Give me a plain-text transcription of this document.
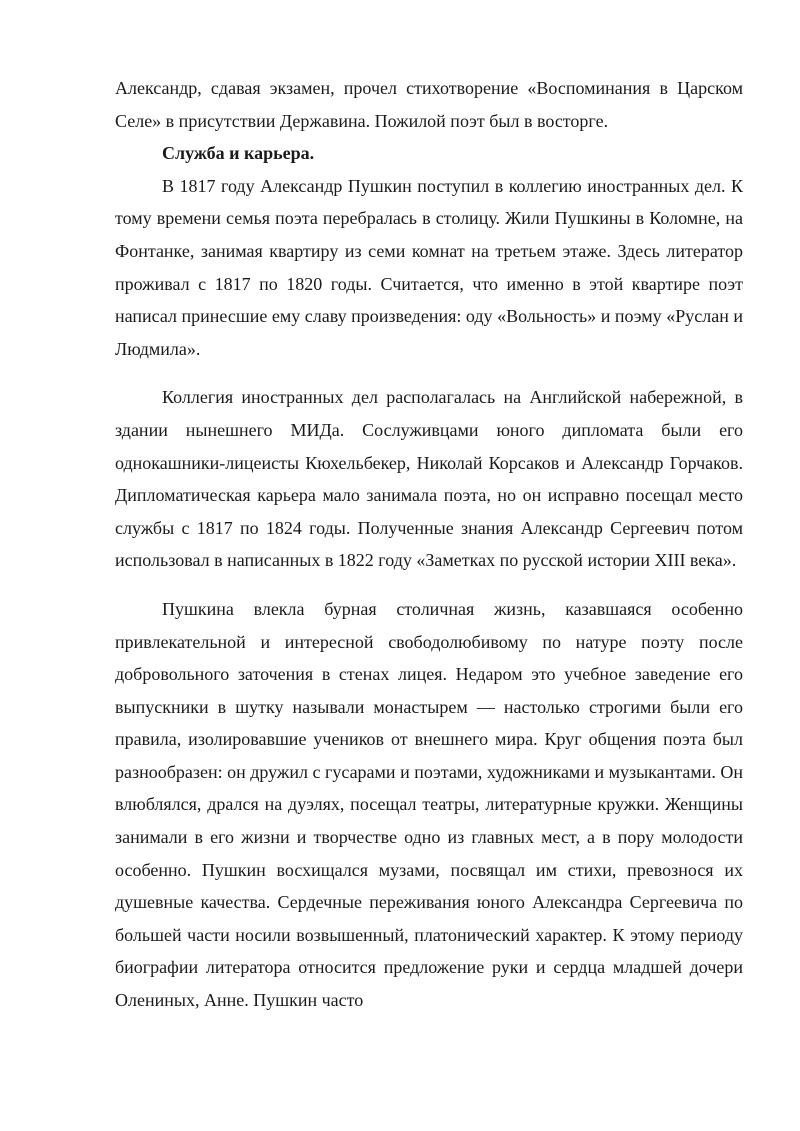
Александр, сдавая экзамен, прочел стихотворение «Воспоминания в Царском Селе» в присутствии Державина. Пожилой поэт был в восторге.

Служба и карьера.

В 1817 году Александр Пушкин поступил в коллегию иностранных дел. К тому времени семья поэта перебралась в столицу. Жили Пушкины в Коломне, на Фонтанке, занимая квартиру из семи комнат на третьем этаже. Здесь литератор проживал с 1817 по 1820 годы. Считается, что именно в этой квартире поэт написал принесшие ему славу произведения: оду «Вольность» и поэму «Руслан и Людмила».

Коллегия иностранных дел располагалась на Английской набережной, в здании нынешнего МИДа. Сослуживцами юного дипломата были его однокашники-лицеисты Кюхельбекер, Николай Корсаков и Александр Горчаков. Дипломатическая карьера мало занимала поэта, но он исправно посещал место службы с 1817 по 1824 годы. Полученные знания Александр Сергеевич потом использовал в написанных в 1822 году «Заметках по русской истории XIII века».

Пушкина влекла бурная столичная жизнь, казавшаяся особенно привлекательной и интересной свободолюбивому по натуре поэту после добровольного заточения в стенах лицея. Недаром это учебное заведение его выпускники в шутку называли монастырем — настолько строгими были его правила, изолировавшие учеников от внешнего мира. Круг общения поэта был разнообразен: он дружил с гусарами и поэтами, художниками и музыкантами. Он влюблялся, дрался на дуэлях, посещал театры, литературные кружки. Женщины занимали в его жизни и творчестве одно из главных мест, а в пору молодости особенно. Пушкин восхищался музами, посвящал им стихи, превознося их душевные качества. Сердечные переживания юного Александра Сергеевича по большей части носили возвышенный, платонический характер. К этому периоду биографии литератора относится предложение руки и сердца младшей дочери Олениных, Анне. Пушкин часто
